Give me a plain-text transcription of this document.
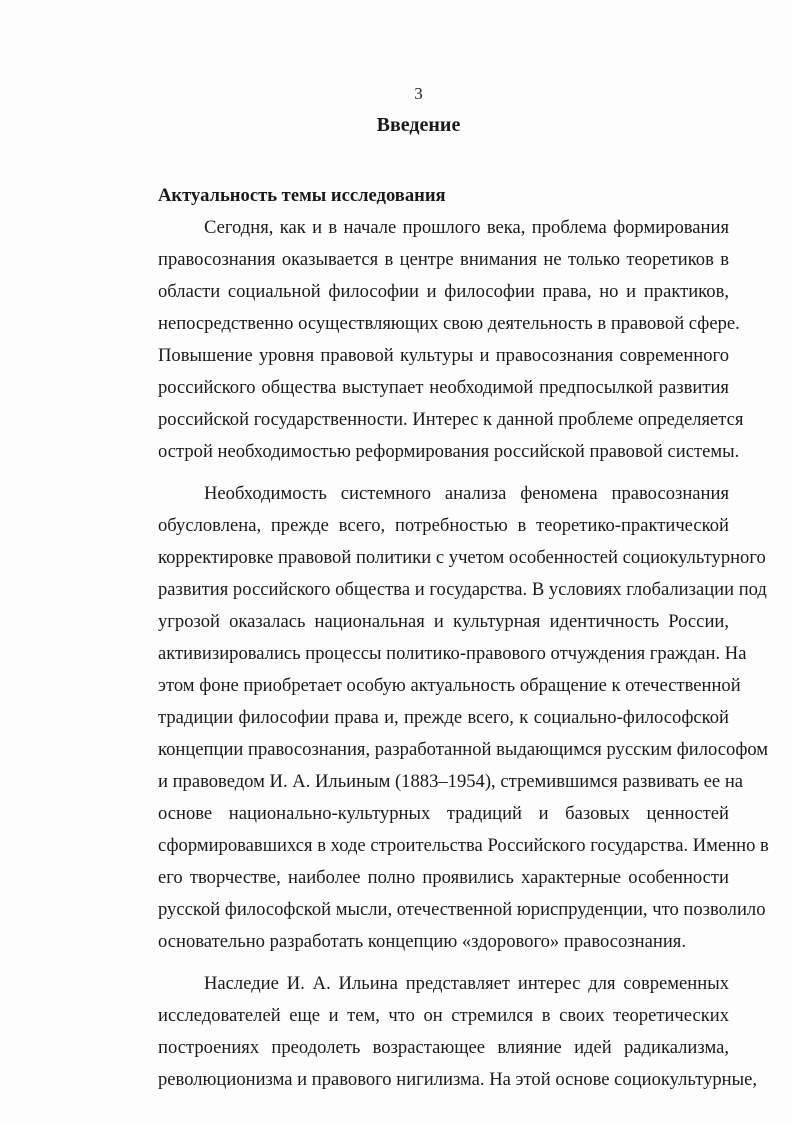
3
Введение

Актуальность темы исследования

Сегодня, как и в начале прошлого века, проблема формирования
правосознания оказывается в центре внимания не только теоретиков в
области социальной философии и философии права, но и практиков,
непосредственно осуществляющих свою деятельность в правовой сфере.
Повышение уровня правовой культуры и правосознания современного
российского общества выступает необходимой предпосылкой развития
российской государственности. Интерес к данной проблеме определяется
острой необходимостью реформирования российской правовой системы.
Необходимость системного анализа феномена правосознания
обусловлена, прежде всего, потребностью в теоретико-практической
корректировке правовой политики с учетом особенностей социокультурного
развития российского общества и государства. В условиях глобализации под
угрозой оказалась национальная и культурная идентичность России,
активизировались процессы политико-правового отчуждения граждан. На
этом фоне приобретает особую актуальность обращение к отечественной
традиции философии права и, прежде всего, к социально-философской
концепции правосознания, разработанной выдающимся русским философом
и правоведом И. А. Ильиным (1883–1954), стремившимся развивать ее на
основе национально-культурных традиций и базовых ценностей
сформировавшихся в ходе строительства Российского государства. Именно в
его творчестве, наиболее полно проявились характерные особенности
русской философской мысли, отечественной юриспруденции, что позволило
основательно разработать концепцию «здорового» правосознания.
Наследие И. А. Ильина представляет интерес для современных
исследователей еще и тем, что он стремился в своих теоретических
построениях преодолеть возрастающее влияние идей радикализма,
революционизма и правового нигилизма. На этой основе социокультурные,
